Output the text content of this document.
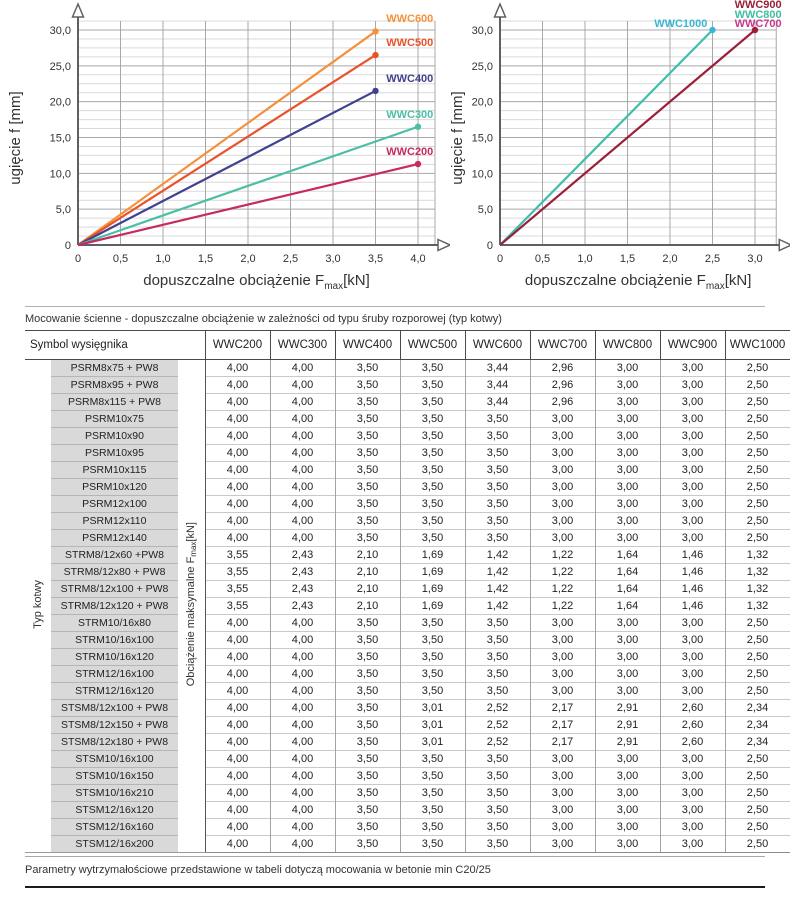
WWC600
WWC500
WWC400
WWC300
WWC200
0	0,5 1,0 1,5 2,0 2,5 3,0 3,5 4,0
0
5,0
10,0
15,0
20,0
25,0
30,0
dopuszczalne obciążenie $F_{max}[kN]$
ugięcie f [mm]
WWC900
WWC800
WWC1000 WWC700
0	0,5 1,0 1,5 2,0 2,5 3,0
0
5,0
10,0
15,0
20,0
25,0
30,0
dopuszczalne obciążenie $F_{max}[kN]$
ugięcie f [mm]
Mocowanie ścienne - dopuszczalne obciążenie w zależności od typu śruby rozporowej (typ kotwy)
Symbol wysięgnika			WWC200	WWC300	WWC400	WWC500	WWC600	WWC700	WWC800	WWC900	WWC1000
Typ kotwy	PSRM8x75 + PW8	Obciążenie maksymalne $F_{max}[kN]$	4,00	4,00	3,50	3,50	3,44	2,96	3,00	3,00	2,50
	PSRM8x95 + PW8		4,00	4,00	3,50	3,50	3,44	2,96	3,00	3,00	2,50
	PSRM8x115 + PW8		4,00	4,00	3,50	3,50	3,44	2,96	3,00	3,00	2,50
	PSRM10x75		4,00	4,00	3,50	3,50	3,50	3,00	3,00	3,00	2,50
	PSRM10x90		4,00	4,00	3,50	3,50	3,50	3,00	3,00	3,00	2,50
	PSRM10x95		4,00	4,00	3,50	3,50	3,50	3,00	3,00	3,00	2,50
	PSRM10x115		4,00	4,00	3,50	3,50	3,50	3,00	3,00	3,00	2,50
	PSRM10x120		4,00	4,00	3,50	3,50	3,50	3,00	3,00	3,00	2,50
	PSRM12x100		4,00	4,00	3,50	3,50	3,50	3,00	3,00	3,00	2,50
	PSRM12x110		4,00	4,00	3,50	3,50	3,50	3,00	3,00	3,00	2,50
	PSRM12x140		4,00	4,00	3,50	3,50	3,50	3,00	3,00	3,00	2,50
	STRM8/12x60 +PW8		3,55	2,43	2,10	1,69	1,42	1,22	1,64	1,46	1,32
	STRM8/12x80 + PW8		3,55	2,43	2,10	1,69	1,42	1,22	1,64	1,46	1,32
	STRM8/12x100 + PW8		3,55	2,43	2,10	1,69	1,42	1,22	1,64	1,46	1,32
	STRM8/12x120 + PW8		3,55	2,43	2,10	1,69	1,42	1,22	1,64	1,46	1,32
	STRM10/16x80		4,00	4,00	3,50	3,50	3,50	3,00	3,00	3,00	2,50
	STRM10/16x100		4,00	4,00	3,50	3,50	3,50	3,00	3,00	3,00	2,50
	STRM10/16x120		4,00	4,00	3,50	3,50	3,50	3,00	3,00	3,00	2,50
	STRM12/16x100		4,00	4,00	3,50	3,50	3,50	3,00	3,00	3,00	2,50
	STRM12/16x120		4,00	4,00	3,50	3,50	3,50	3,00	3,00	3,00	2,50
	STSM8/12x100 + PW8		4,00	4,00	3,50	3,01	2,52	2,17	2,91	2,60	2,34
	STSM8/12x150 + PW8		4,00	4,00	3,50	3,01	2,52	2,17	2,91	2,60	2,34
	STSM8/12x180 + PW8		4,00	4,00	3,50	3,01	2,52	2,17	2,91	2,60	2,34
	STSM10/16x100		4,00	4,00	3,50	3,50	3,50	3,00	3,00	3,00	2,50
	STSM10/16x150		4,00	4,00	3,50	3,50	3,50	3,00	3,00	3,00	2,50
	STSM10/16x210		4,00	4,00	3,50	3,50	3,50	3,00	3,00	3,00	2,50
	STSM12/16x120		4,00	4,00	3,50	3,50	3,50	3,00	3,00	3,00	2,50
	STSM12/16x160		4,00	4,00	3,50	3,50	3,50	3,00	3,00	3,00	2,50
	STSM12/16x200		4,00	4,00	3,50	3,50	3,50	3,00	3,00	3,00	2,50
Parametry wytrzymałościowe przedstawione w tabeli dotyczą mocowania w betonie min C20/25
